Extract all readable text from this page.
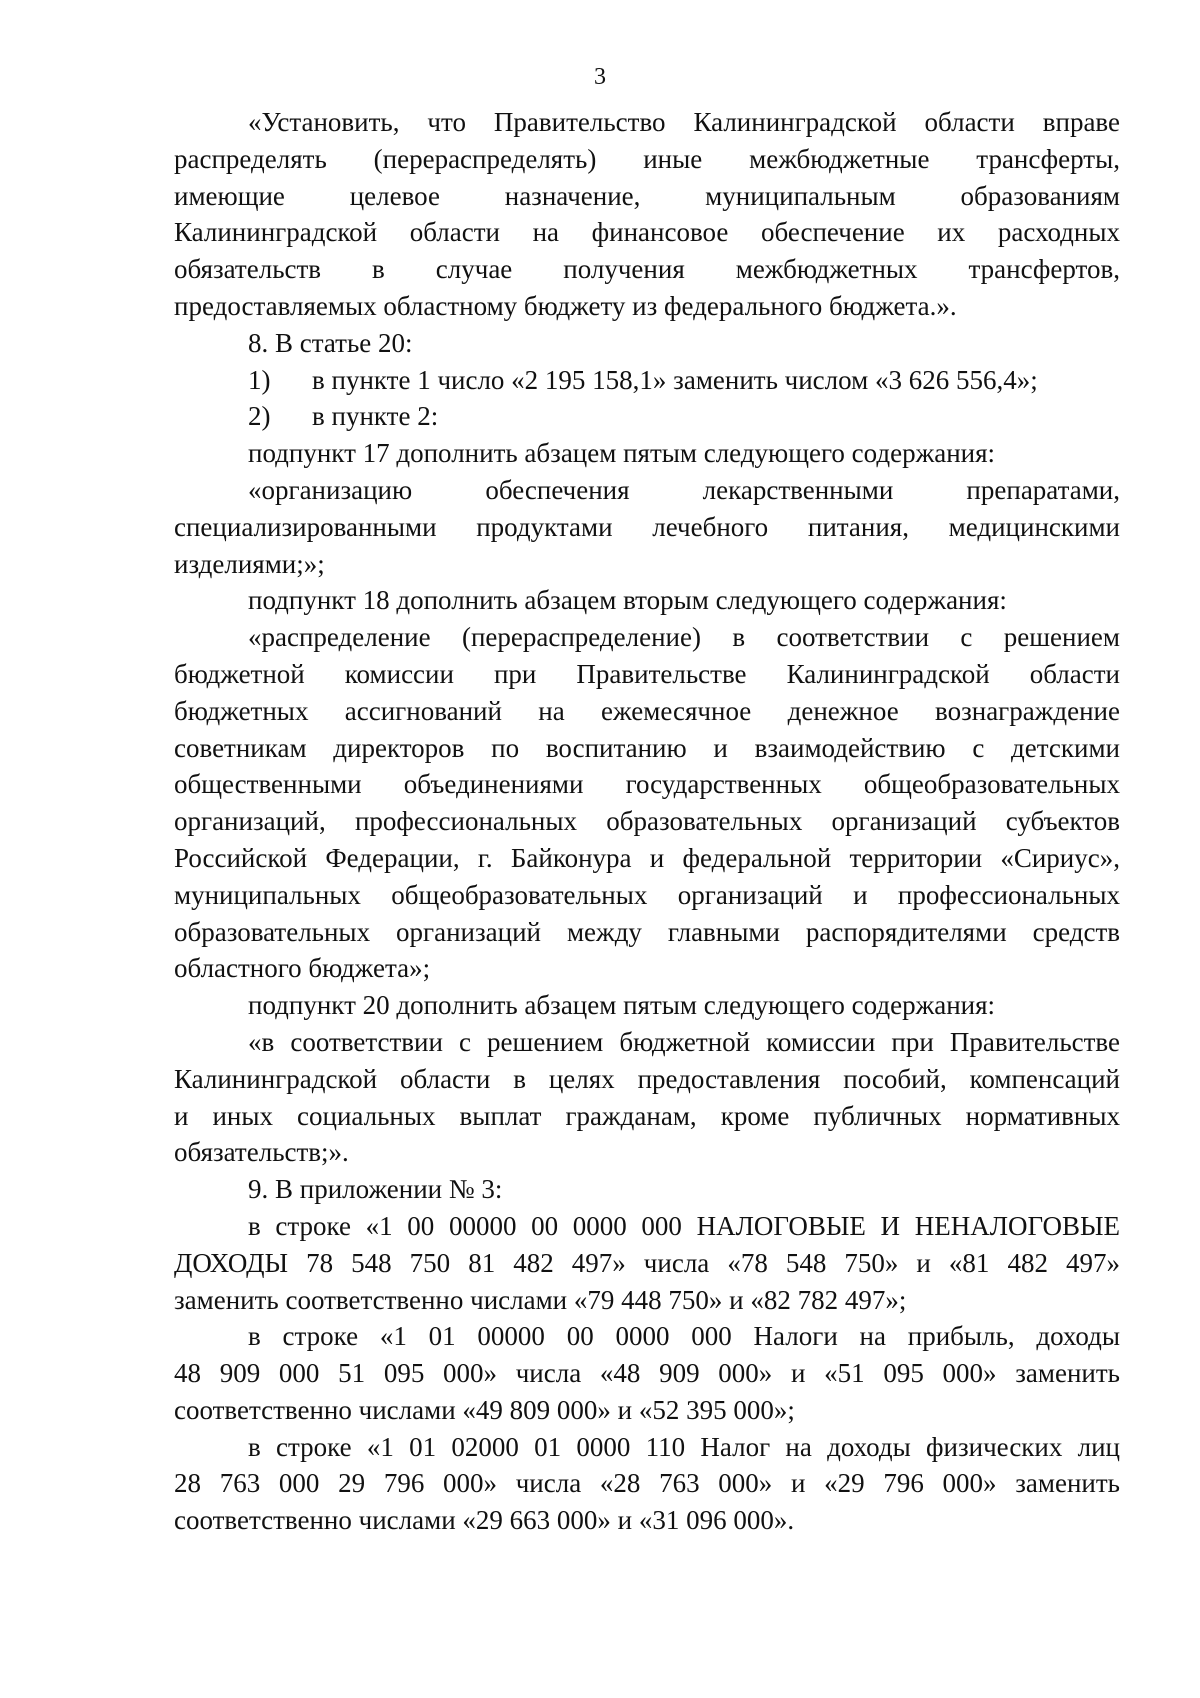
3
«Установить, что Правительство Калининградской области вправе
распределять (перераспределять) иные межбюджетные трансферты,
имеющие целевое назначение, муниципальным образованиям
Калининградской области на финансовое обеспечение их расходных
обязательств в случае получения межбюджетных трансфертов,
предоставляемых областному бюджету из федерального бюджета.».

8. В статье 20:

1)	в пункте 1 число «2 195 158,1» заменить числом «3 626 556,4»;
2)	в пункте 2:

подпункт 17 дополнить абзацем пятым следующего содержания:

«организацию обеспечения лекарственными препаратами,
специализированными продуктами лечебного питания, медицинскими
изделиями;»;

подпункт 18 дополнить абзацем вторым следующего содержания:

«распределение (перераспределение) в соответствии с решением
бюджетной комиссии при Правительстве Калининградской области
бюджетных ассигнований на ежемесячное денежное вознаграждение
советникам директоров по воспитанию и взаимодействию с детскими
общественными объединениями государственных общеобразовательных
организаций, профессиональных образовательных организаций субъектов
Российской Федерации, г. Байконура и федеральной территории «Сириус»,
муниципальных общеобразовательных организаций и профессиональных
образовательных организаций между главными распорядителями средств
областного бюджета»;

подпункт 20 дополнить абзацем пятым следующего содержания:

«в соответствии с решением бюджетной комиссии при Правительстве
Калининградской области в целях предоставления пособий, компенсаций
и иных социальных выплат гражданам, кроме публичных нормативных
обязательств;».

9. В приложении № 3:

в строке «1 00 00000 00 0000 000 НАЛОГОВЫЕ И НЕНАЛОГОВЫЕ
ДОХОДЫ 78 548 750 81 482 497» числа «78 548 750» и «81 482 497»
заменить соответственно числами «79 448 750» и «82 782 497»;
в строке «1 01 00000 00 0000 000 Налоги на прибыль, доходы
48 909 000 51 095 000» числа «48 909 000» и «51 095 000» заменить
соответственно числами «49 809 000» и «52 395 000»;
в строке «1 01 02000 01 0000 110 Налог на доходы физических лиц
28 763 000 29 796 000» числа «28 763 000» и «29 796 000» заменить
соответственно числами «29 663 000» и «31 096 000».
